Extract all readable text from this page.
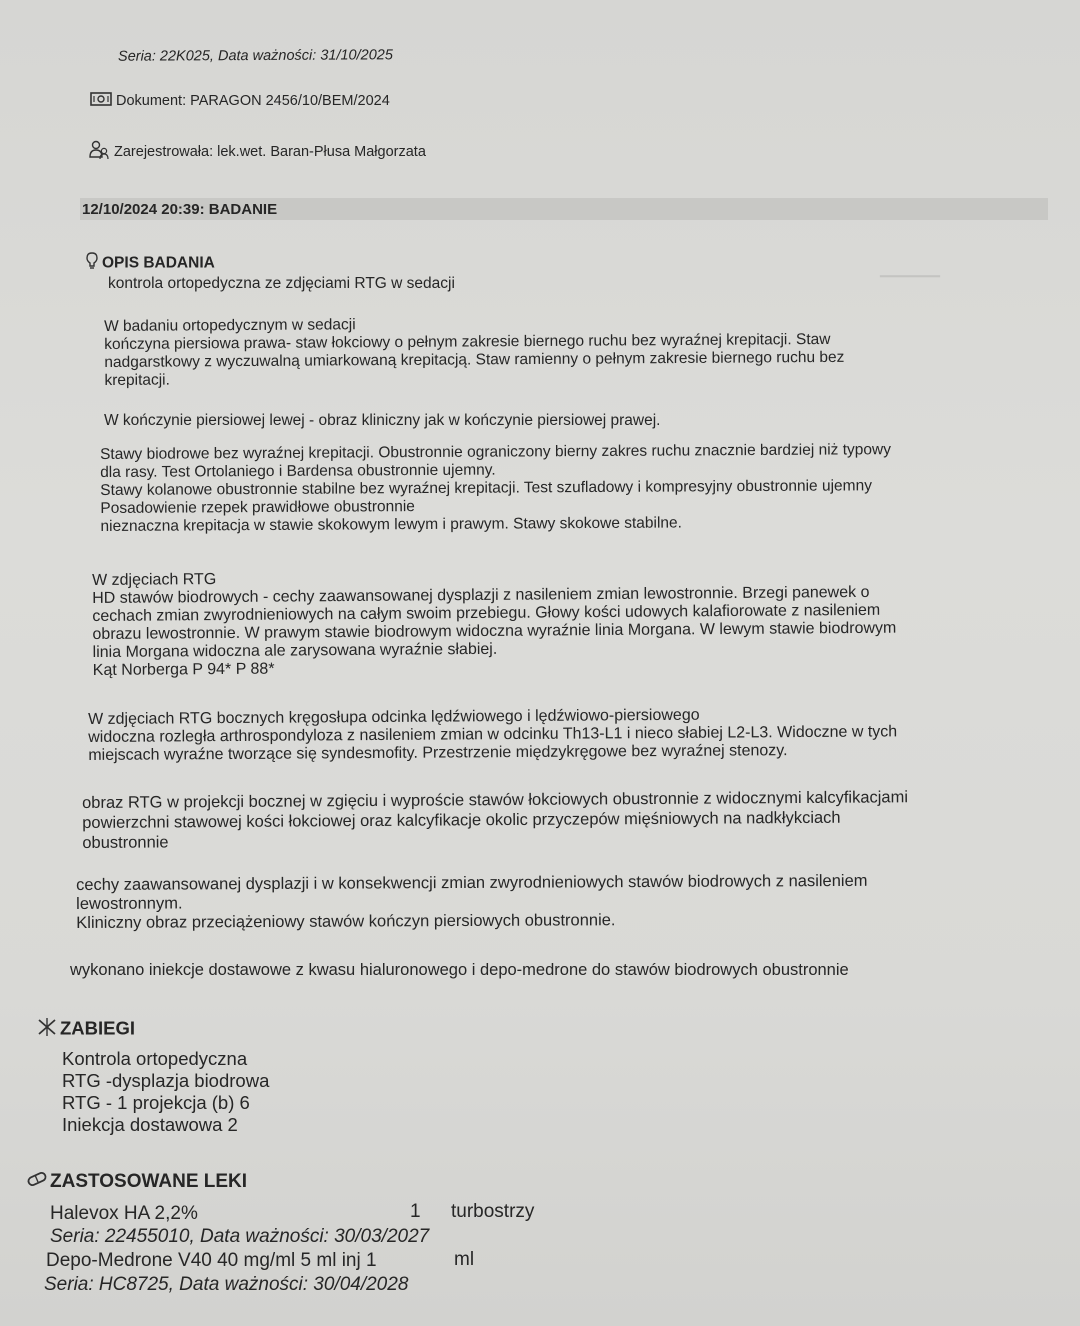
▁▁▁▁▁▁
Seria: 22K025, Data ważności: 31/10/2025
Dokument: PARAGON 2456/10/BEM/2024
Zarejestrowała: lek.wet. Baran-Płusa Małgorzata
12/10/2024 20:39: BADANIE
OPIS BADANIA
kontrola ortopedyczna ze zdjęciami RTG w sedacji
W badaniu ortopedycznym w sedacji
kończyna piersiowa prawa- staw łokciowy o pełnym zakresie biernego ruchu bez wyraźnej krepitacji. Staw
nadgarstkowy z wyczuwalną umiarkowaną krepitacją. Staw ramienny o pełnym zakresie biernego ruchu bez
krepitacji.
W kończynie piersiowej lewej - obraz kliniczny jak w kończynie piersiowej prawej.
Stawy biodrowe bez wyraźnej krepitacji. Obustronnie ograniczony bierny zakres ruchu znacznie bardziej niż typowy
dla rasy. Test Ortolaniego i Bardensa obustronnie ujemny.
Stawy kolanowe obustronnie stabilne bez wyraźnej krepitacji. Test szufladowy i kompresyjny obustronnie ujemny
Posadowienie rzepek prawidłowe obustronnie
nieznaczna krepitacja w stawie skokowym lewym i prawym. Stawy skokowe stabilne.
W zdjęciach RTG
HD stawów biodrowych - cechy zaawansowanej dysplazji z nasileniem zmian lewostronnie. Brzegi panewek o
cechach zmian zwyrodnieniowych na całym swoim przebiegu. Głowy kości udowych kalafiorowate z nasileniem
obrazu lewostronnie. W prawym stawie biodrowym widoczna wyraźnie linia Morgana. W lewym stawie biodrowym
linia Morgana widoczna ale zarysowana wyraźnie słabiej.
Kąt Norberga P 94* P 88*
W zdjęciach RTG bocznych kręgosłupa odcinka lędźwiowego i lędźwiowo-piersiowego
widoczna rozległa arthrospondyloza z nasileniem zmian w odcinku Th13-L1 i nieco słabiej L2-L3. Widoczne w tych
miejscach wyraźne tworzące się syndesmofity. Przestrzenie międzykręgowe bez wyraźnej stenozy.
obraz RTG w projekcji bocznej w zgięciu i wyproście stawów łokciowych obustronnie z widocznymi kalcyfikacjami
powierzchni stawowej kości łokciowej oraz kalcyfikacje okolic przyczepów mięśniowych na nadkłykciach
obustronnie
cechy zaawansowanej dysplazji i w konsekwencji zmian zwyrodnieniowych stawów biodrowych z nasileniem
lewostronnym.
Kliniczny obraz przeciążeniowy stawów kończyn piersiowych obustronnie.
wykonano iniekcje dostawowe z kwasu hialuronowego i depo-medrone do stawów biodrowych obustronnie
ZABIEGI
Kontrola ortopedyczna
RTG -dysplazja biodrowa
RTG - 1 projekcja (b) 6
Iniekcja dostawowa 2
ZASTOSOWANE LEKI
Halevox HA 2,2%	1 turbostrzy
Seria: 22455010, Data ważności: 30/03/2027
Depo-Medrone V40 40 mg/ml 5 ml inj 1	ml
Seria: HC8725, Data ważności: 30/04/2028
